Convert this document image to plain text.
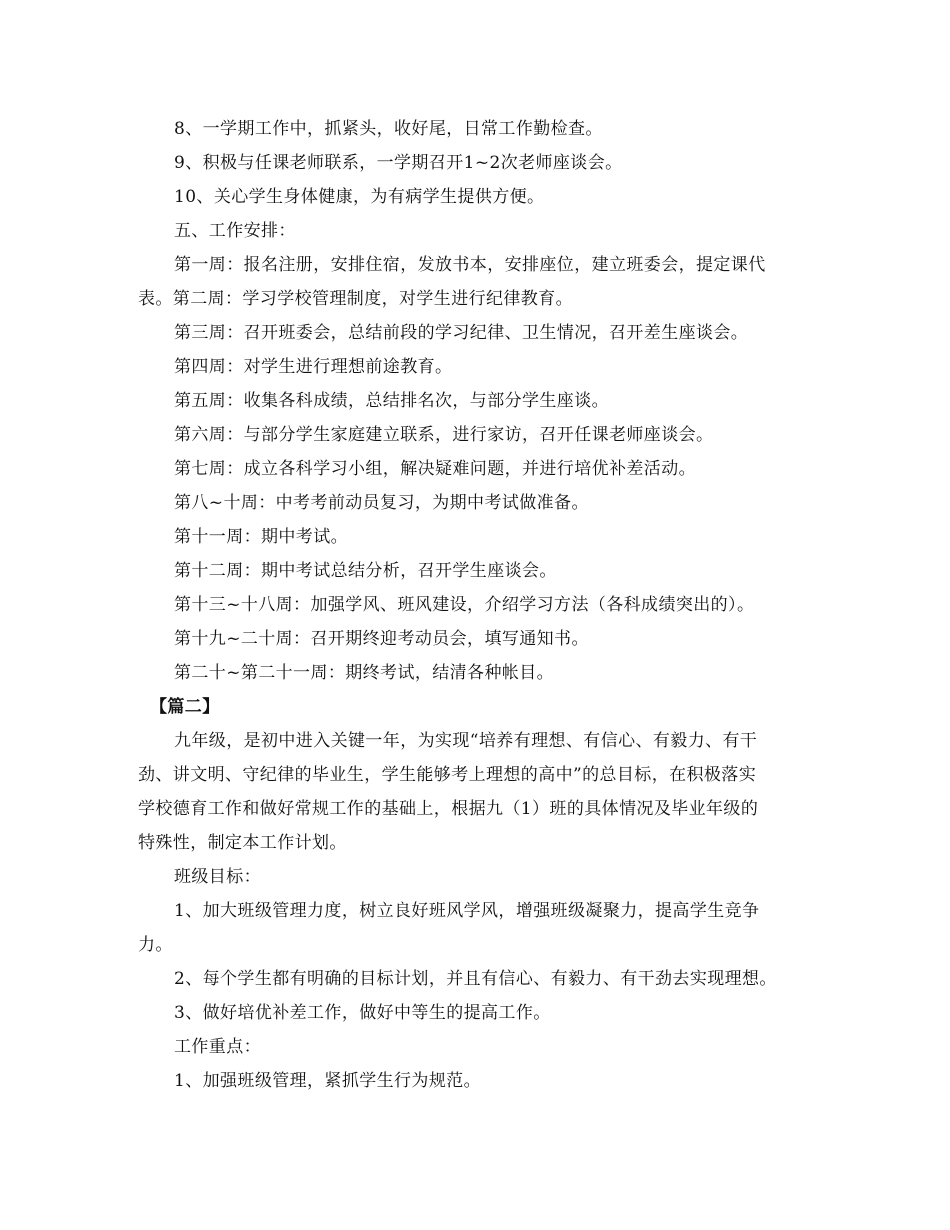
8、一学期工作中，抓紧头，收好尾，日常工作勤检查。

9、积极与任课老师联系，一学期召开1~2次老师座谈会。

10、关心学生身体健康，为有病学生提供方便。

五、工作安排：

第一周：报名注册，安排住宿，发放书本，安排座位，建立班委会，提定课代
表。第二周：学习学校管理制度，对学生进行纪律教育。

第三周：召开班委会，总结前段的学习纪律、卫生情况，召开差生座谈会。

第四周：对学生进行理想前途教育。

第五周：收集各科成绩，总结排名次，与部分学生座谈。

第六周：与部分学生家庭建立联系，进行家访，召开任课老师座谈会。

第七周：成立各科学习小组，解决疑难问题，并进行培优补差活动。

第八~十周：中考考前动员复习，为期中考试做准备。

第十一周：期中考试。

第十二周：期中考试总结分析，召开学生座谈会。

第十三~十八周：加强学风、班风建设，介绍学习方法（各科成绩突出的）。

第十九~二十周：召开期终迎考动员会，填写通知书。

第二十~第二十一周：期终考试，结清各种帐目。

【篇二】

九年级，是初中进入关键一年，为实现“培养有理想、有信心、有毅力、有干
劲、讲文明、守纪律的毕业生，学生能够考上理想的高中”的总目标，在积极落实
学校德育工作和做好常规工作的基础上，根据九（1）班的具体情况及毕业年级的
特殊性，制定本工作计划。

班级目标：

1、加大班级管理力度，树立良好班风学风，增强班级凝聚力，提高学生竞争
力。

2、每个学生都有明确的目标计划，并且有信心、有毅力、有干劲去实现理想。

3、做好培优补差工作，做好中等生的提高工作。

工作重点：

1、加强班级管理，紧抓学生行为规范。
